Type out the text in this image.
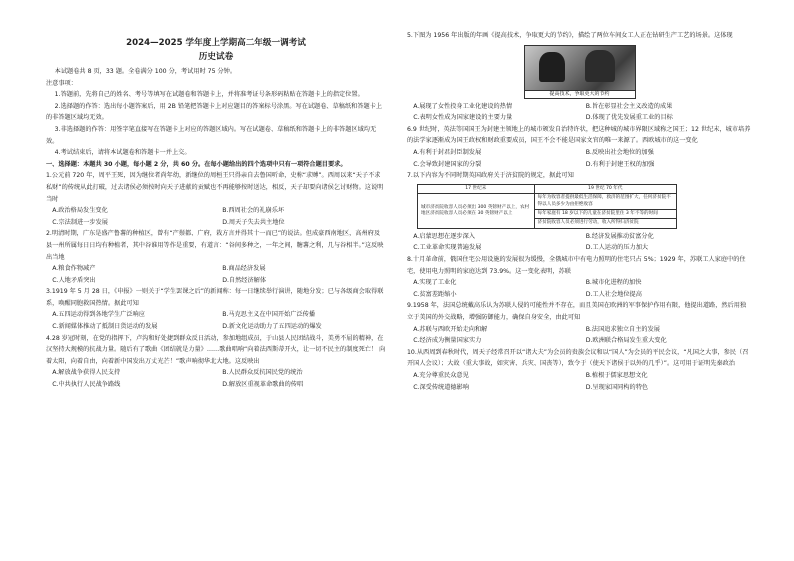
2024—2025 学年度上学期高二年级一调考试
历史试卷

本试题卷共 8 页，33 题。全卷满分 100 分，考试用时 75 分钟。

注意事项：

1.答题前，先将自己的姓名、考号等填写在试题卷和答题卡上，并将准考证号条形码粘贴在答题卡上的指定位置。

2.选择题的作答：选出每小题答案后，用 2B 铅笔把答题卡上对应题目的答案标号涂黑。写在试题卷、草稿纸和答题卡上的非答题区域均无效。

3.非选择题的作答：用签字笔直接写在答题卡上对应的答题区域内。写在试题卷、草稿纸和答题卡上的非答题区域均无效。

4.考试结束后，请将本试题卷和答题卡一并上交。

一、选择题：本题共 30 小题，每小题 2 分，共 60 分。在每小题给出的四个选项中只有一项符合题目要求。

1.公元前 720 年，周平王死，因为继位者尚年幼，新继位的周桓王只得亲自去鲁国听命，史称“求赙”。西周以来“天子不求私财”的传统从此打破，过去诸侯必须按时向天子进献的贡赋也不再能够按时送达，相反，天子却要向诸侯乞讨财物。这说明当时

A.政治格局发生变化	B.西周社会的礼崩乐坏
C.宗法制进一步发展	D.周天子失去共主地位

2.明清时期，广东是盛产鲁薯的种植区，曾有“产鬃都、广府，栽方言并得其十一而已”的说法。但成豪西南地区，高州府及县一州所属每日日均有种植者，其中谷谁用等作是重要，有道言：“谷间多种之，一年之间，糖薯之利，几与谷相半。”这反映出当地

A.粮食作物减产	B.商品经济发展
C.人地矛盾突出	D.自然经济解体

3.1919 年 5 月 28 日，《申报》一则关于“学生罢课之后”的新闻称：每一日继续举行演讲，随地分发；已与各级商会取得联系，唤醒同胞救国热情。据此可知

A.五四运动得到各地学生广泛响应	B.马克思主义在中国开始广泛传播
C.新闻媒体推动了抵制日货运动的发展	D.新文化运动助力了五四运动的爆发

4.28 岁冠时刻，在党的指挥下，卢沟和好处捷到群众反日活动，参加地组成员，于山县人民团结战斗，美勇不屈的精神，在汉坚持大规模的抗战力量。随后有了歌曲《团结就是力量》……歌曲唱响“向着法西斯蒂开火，让一切不民主的制度死亡！ 向着太阳，向着自由，向着新中国发出万丈光芒！”歌声响彻华北大地。这反映出

A.解放战争获得人民支持	B.人民群众反抗国民党的统治
C.中共执行人民战争路线	D.解放区重视革命歌曲的传唱

5.下图为 1956 年出版的年画《提高技术，争取更大的节约》，描绘了两位车间女工人正在钻研生产工艺的场景。这体现

提高技术，争取更大的节约
A.展现了女性投身工业化建设的热情	B.旨在彰显社会主义改造的成果
C.表明女性成为国家建设的主要力量	D.体现了优先发展重工业的目标

6.9 世纪时，英法等国国王为封建主领地上的城市颁发自治特许状，把这种城的城市界限区域称之国王；12 世纪末，城市培养的法学家逐渐成为国王政权和财政重要成员，国王不会不能是国家文官的唯一来源了。西欧城市的这一变化

A.有利于封君封臣制发展	B.反映出社会地位的加强
C.会导致封建国家的分裂	D.有利于封建王权的加强

7.以下内容为不同时期英国政府关于济贫院的规定，据此可知

17 世纪末	19 世纪 70 年代
城市济贫院收容人员必须出 300 英镑财产以上，农村地区济贫院收容人员必须在 30 英镑财产以上	每年为收容者提供最低生活保障，救济的范围扩大，任何济贫院不得以人员多少为由拒绝收容
	每年家庭有 18 岁以下的儿童在济贫院里住 3 年不等的时间
	济贫院收容人员必须进行劳动，收入所得归济贫院
A.启蒙思想在逐步深入	B.经济发展推动贫富分化
C.工业革命实现普遍发展	D.工人运动的压力加大

8.十月革命前，俄国住宅公用设施的发展很为缓慢，全俄城市中有电力照明的住宅只占 5%；1929 年，苏联工人家庭中的住宅，使用电力照明的家庭达到 73.9%。这一变化表明，苏联

A.实现了工业化	B.城市化进程的加快
C.贫富差距缩小	D.工人社会地位提高

9.1958 年，法国总统戴高乐认为苏联人侵的可能性并不存在，而且美国在欧洲的军事保护作用有限，他提出道路，然后用独立于美国的外交战略，增强防御能力，确保自身安全，由此可知

A.苏联与西欧开始走向和解	B.法国追求独立自主的发展
C.经济成为衡量国家实力	D.欧洲联合格局发生重大变化

10.从西周到春秋时代，周天子经常召开以“诸大夫”为会员的贵族会议和以“国人”为会员的平民会议，“凡国之大事，参民（召开国人会议）；大故（重大事故，如灾害、兵灾、国丧等），致令于（使天下诸侯于以外的几乎）”。这可用于证明先秦政治

A.充分尊重民众意见	B.植根于儒家思想文化
C.深受传统道德影响	D.呈现家国同构的特色
